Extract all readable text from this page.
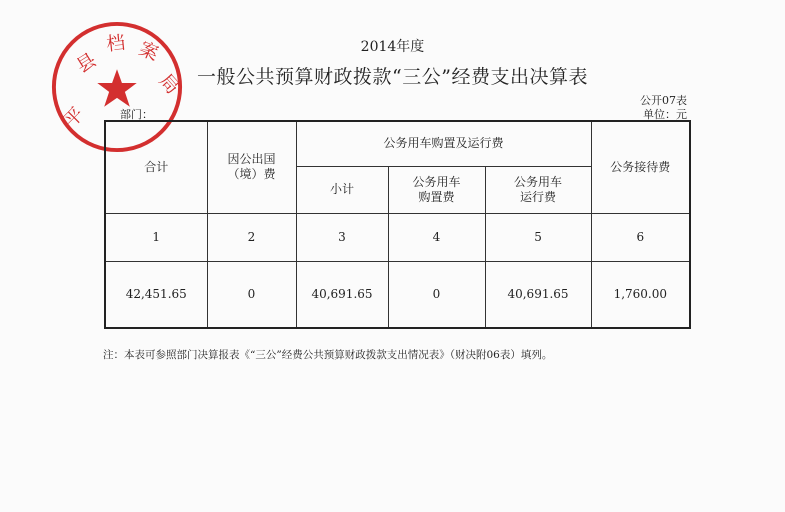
平
县
档 案
局
2014年度
一般公共预算财政拨款“三公”经费支出决算表
公开07表
单位：元
部门：
合计	因公出国（境）费	公务用车购置及运行费			公务接待费
		小计	公务用车购置费	公务用车运行费	
1	2	3	4	5	6
42,451.65	0	40,691.65	0	40,691.65	1,760.00
注：本表可参照部门决算报表《“三公”经费公共预算财政拨款支出情况表》（财决附06表）填列。
